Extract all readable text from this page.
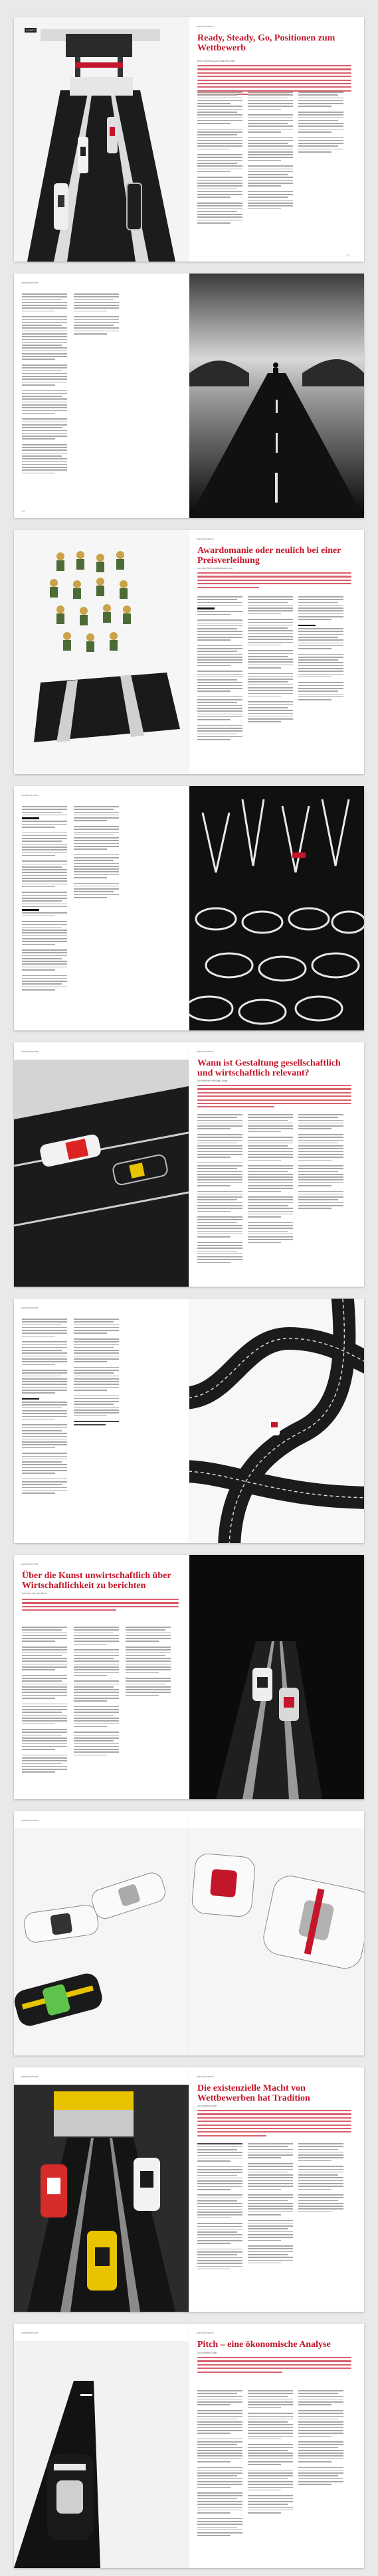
START
wettbewerbe
Ready, Steady, Go, Positionen zum Wettbewerb
Eine Einführung von Andreas Leser
21
wettbewerbe
22
wettbewerbe
Awardomanie oder neulich bei einer Preisverleihung
von Jan Ehert und Andreas Leser
wettbewerbe
wettbewerbe	wettbewerbe
Wann ist Gestaltung gesellschaftlich und wirtschaftlich relevant?
Ein Interview mit Anja Lange
wettbewerbe
wettbewerbe
Über die Kunst unwirtschaftlich über Wirtschaftlichkeit zu berichten
Kolumne von Jan Ehert
wettbewerbe
wettbewerbe	wettbewerbe
Die existenzielle Macht von Wettbewerben hat Tradition
von Andreas Leser
wettbewerbe	wettbewerbe
Pitch – eine ökonomische Analyse
von Andreas Leser
